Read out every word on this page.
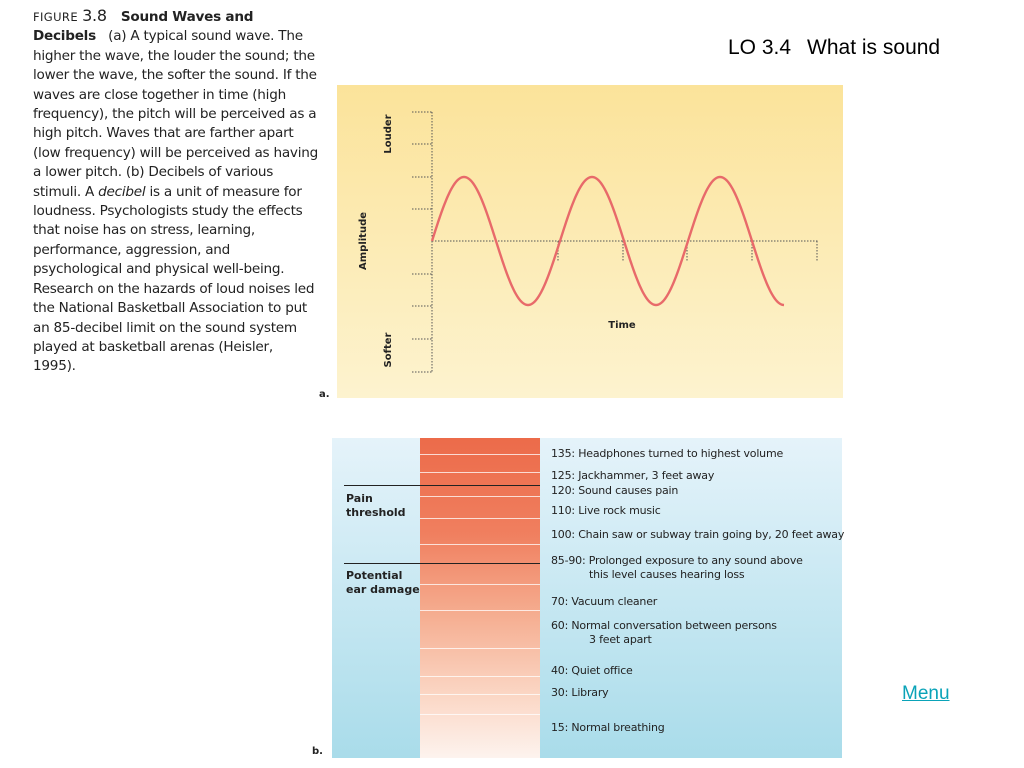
FIGURE 3.8 Sound Waves and Decibels (a) A typical sound wave. The higher the wave, the louder the sound; the lower the wave, the softer the sound. If the waves are close together in time (high frequency), the pitch will be perceived as a high pitch. Waves that are farther apart (low frequency) will be perceived as having a lower pitch. (b) Decibels of various stimuli. A decibel is a unit of measure for loudness. Psychologists study the effects that noise has on stress, learning, performance, aggression, and psychological and physical well-being. Research on the hazards of loud noises led the National Basketball Association to put an 85-decibel limit on the sound system played at basketball arenas (Heisler, 1995).
LO 3.4 What is sound
Amplitude
Louder
Softer
Time
a.
Pain
threshold
Potential
ear damage
135: Headphones turned to highest volume
125: Jackhammer, 3 feet away
120: Sound causes pain
110: Live rock music
100: Chain saw or subway train going by, 20 feet away
85-90: Prolonged exposure to any sound above
this level causes hearing loss
70: Vacuum cleaner
60: Normal conversation between persons
3 feet apart
40: Quiet office
30: Library
15: Normal breathing
b.
Menu
